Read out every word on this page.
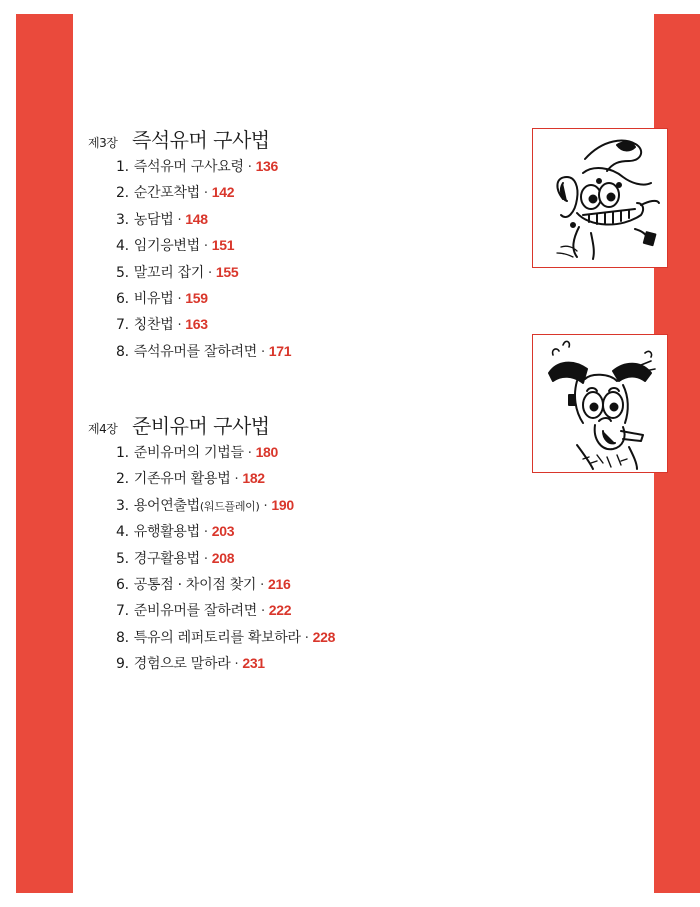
제3장 즉석유머 구사법
1. 즉석유머 구사요령 · 136
2. 순간포착법 · 142
3. 농담법 · 148
4. 임기응변법 · 151
5. 말꼬리 잡기 · 155
6. 비유법 · 159
7. 칭찬법 · 163
8. 즉석유머를 잘하려면 · 171
제4장 준비유머 구사법
1. 준비유머의 기법들 · 180
2. 기존유머 활용법 · 182
3. 용어연출법 (워드플레이) · 190
4. 유행활용법 · 203
5. 경구활용법 · 208
6. 공통점 · 차이점 찾기 · 216
7. 준비유머를 잘하려면 · 222
8. 특유의 레퍼토리를 확보하라 · 228
9. 경험으로 말하라 · 231
